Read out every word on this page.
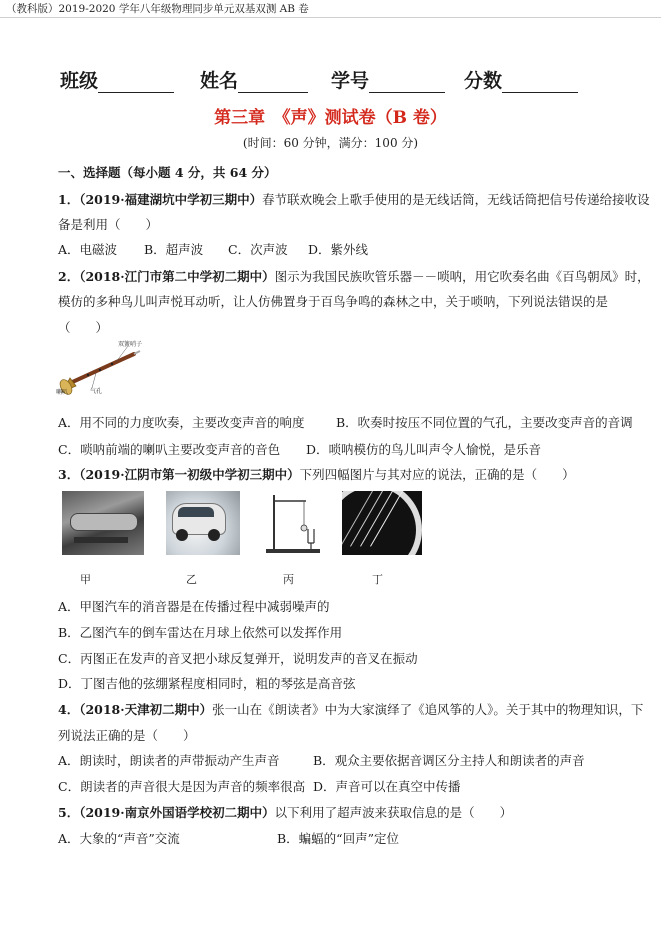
（教科版）2019-2020 学年八年级物理同步单元双基双测 AB 卷
班级	姓名	学号	分数
第三章　《声》测试卷（B 卷）
(时间：60 分钟，满分：100 分)
一、选择题（每小题 4 分，共 64 分）
1．（2019·福建湖坑中学初三期中）春节联欢晚会上歌手使用的是无线话筒，无线话筒把信号传递给接收设
备是利用（　　）
A．电磁波 B．超声波 C．次声波 D．紫外线
2．（2018·江门市第二中学初二期中）图示为我国民族吹管乐器－－唢呐，用它吹奏名曲《百鸟朝凤》时，
模仿的多种鸟儿叫声悦耳动听，让人仿佛置身于百鸟争鸣的森林之中，关于唢呐，下列说法错误的是
（　　）
双簧哨子
喇叭	气孔
A．用不同的力度吹奏，主要改变声音的响度	B．吹奏时按压不同位置的气孔，主要改变声音的音调
C．唢呐前端的喇叭主要改变声音的音色 D．唢呐模仿的鸟儿叫声令人愉悦，是乐音
3．（2019·江阴市第一初级中学初三期中）下列四幅图片与其对应的说法，正确的是（　　）
甲	乙	丙	丁
A．甲图汽车的消音器是在传播过程中减弱噪声的
B．乙图汽车的倒车雷达在月球上依然可以发挥作用
C．丙图正在发声的音叉把小球反复弹开，说明发声的音叉在振动
D．丁图吉他的弦绷紧程度相同时，粗的琴弦是高音弦
4．（2018·天津初二期中）张一山在《朗读者》中为大家演绎了《追风筝的人》。关于其中的物理知识，下
列说法正确的是（　　）
A．朗读时，朗读者的声带振动产生声音	B．观众主要依据音调区分主持人和朗读者的声音
C．朗读者的声音很大是因为声音的频率很高 D．声音可以在真空中传播
5．（2019·南京外国语学校初二期中）以下利用了超声波来获取信息的是（　　）
A．大象的“声音”交流	B．蝙蝠的“回声”定位
